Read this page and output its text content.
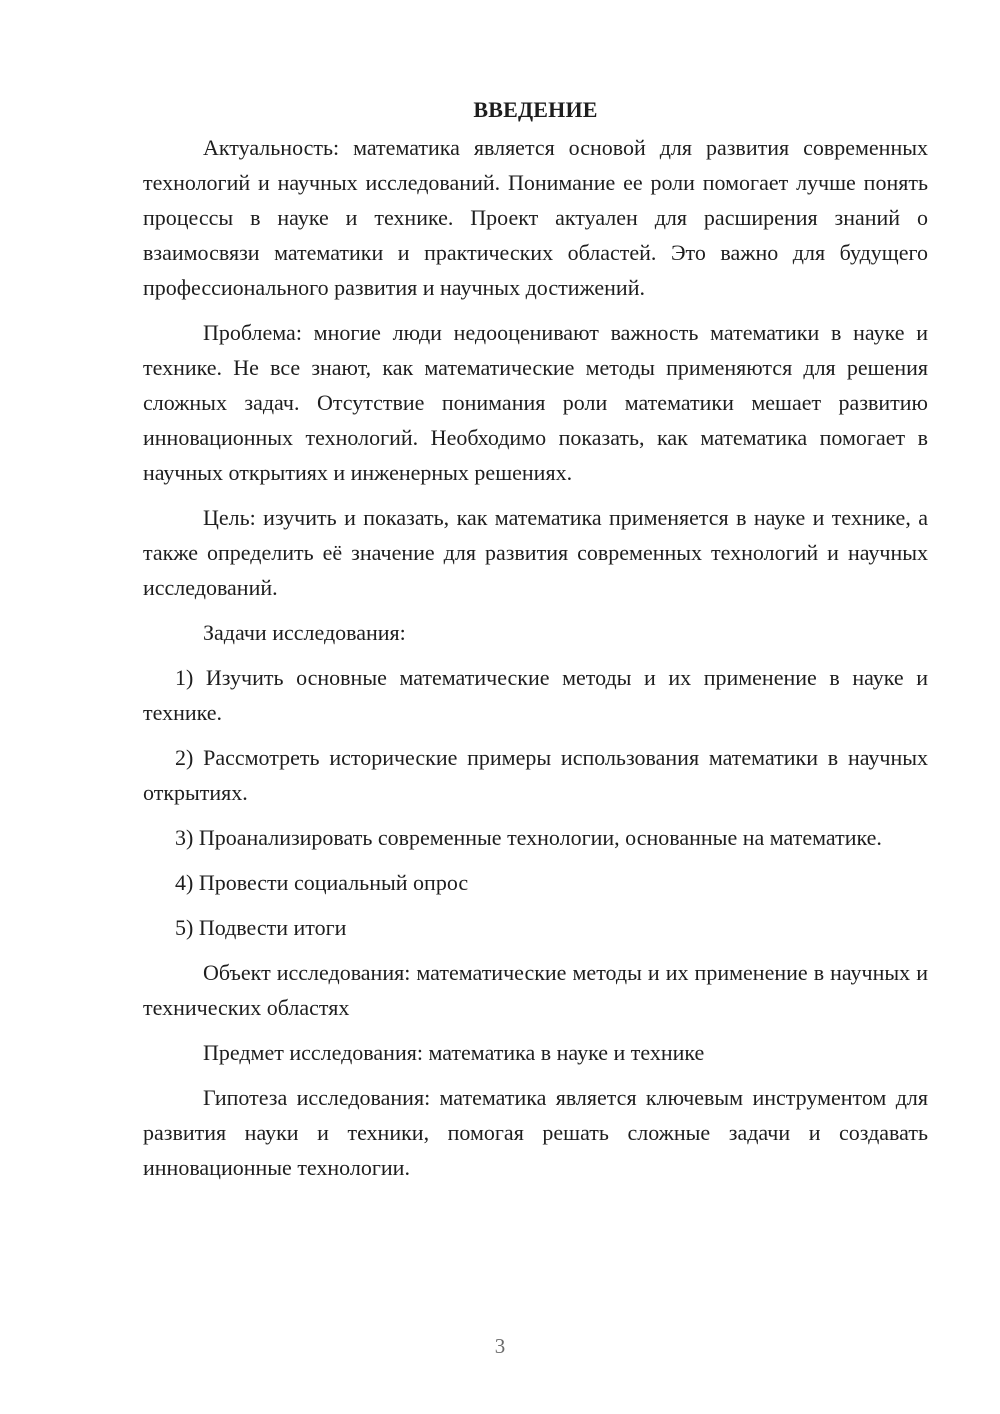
ВВЕДЕНИЕ

Актуальность: математика является основой для развития современных технологий и научных исследований. Понимание ее роли помогает лучше понять процессы в науке и технике. Проект актуален для расширения знаний о взаимосвязи математики и практических областей. Это важно для будущего профессионального развития и научных достижений.

Проблема: многие люди недооценивают важность математики в науке и технике. Не все знают, как математические методы применяются для решения сложных задач. Отсутствие понимания роли математики мешает развитию инновационных технологий. Необходимо показать, как математика помогает в научных открытиях и инженерных решениях.

Цель: изучить и показать, как математика применяется в науке и технике, а также определить её значение для развития современных технологий и научных исследований.

Задачи исследования:

1) Изучить основные математические методы и их применение в науке и технике.

2) Рассмотреть исторические примеры использования математики в научных открытиях.

3) Проанализировать современные технологии, основанные на математике.

4) Провести социальный опрос

5) Подвести итоги

Объект исследования: математические методы и их применение в научных и технических областях

Предмет исследования: математика в науке и технике

Гипотеза исследования: математика является ключевым инструментом для развития науки и техники, помогая решать сложные задачи и создавать инновационные технологии.

3
